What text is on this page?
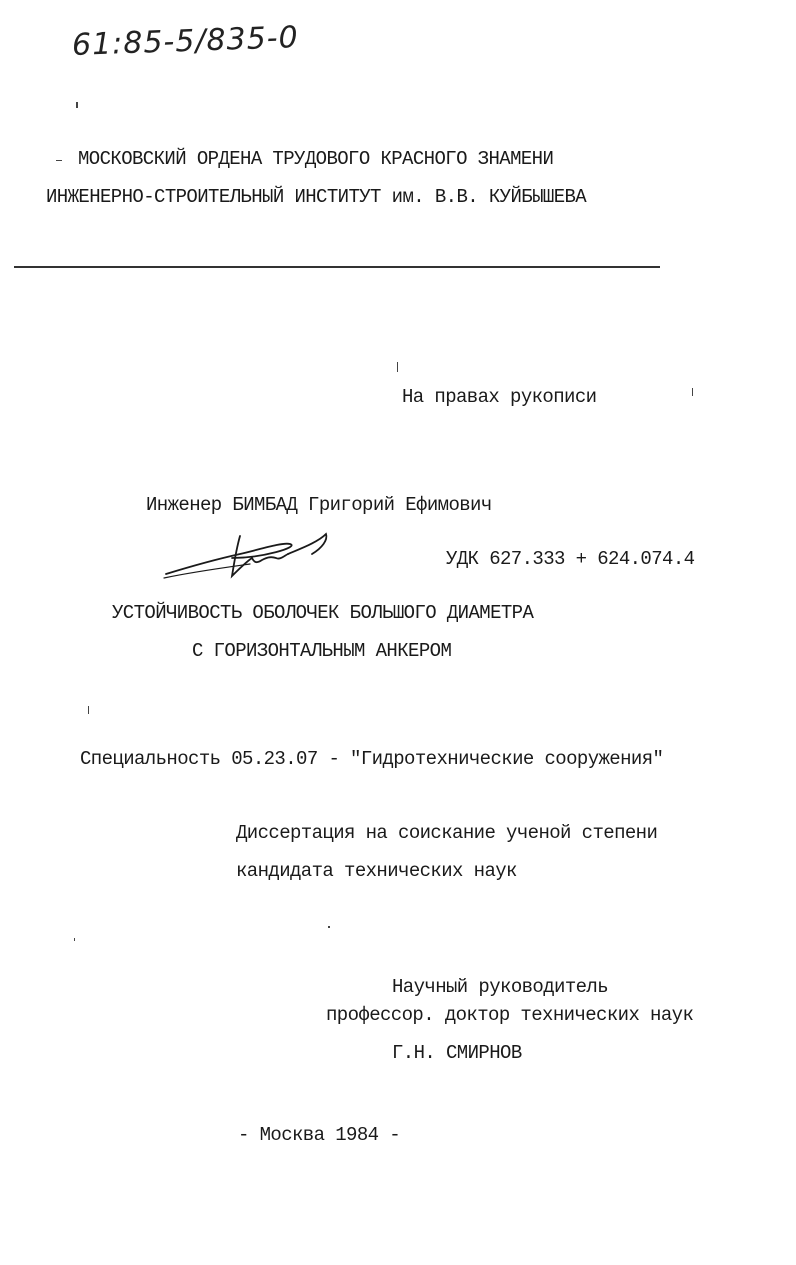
61:85-5/835-0
МОСКОВСКИЙ ОРДЕНА ТРУДОВОГО КРАСНОГО ЗНАМЕНИ
ИНЖЕНЕРНО-СТРОИТЕЛЬНЫЙ ИНСТИТУТ им. В.В. КУЙБЫШЕВА
На правах рукописи
Инженер БИМБАД Григорий Ефимович
УДК 627.333 + 624.074.4
УСТОЙЧИВОСТЬ ОБОЛОЧЕК БОЛЬШОГО ДИАМЕТРА
С ГОРИЗОНТАЛЬНЫМ АНКЕРОМ
Специальность 05.23.07 - "Гидротехнические сооружения"
Диссертация на соискание ученой степени
кандидата технических наук
Научный руководитель
профессор. доктор технических наук
Г.Н. СМИРНОВ
- Москва 1984 -
